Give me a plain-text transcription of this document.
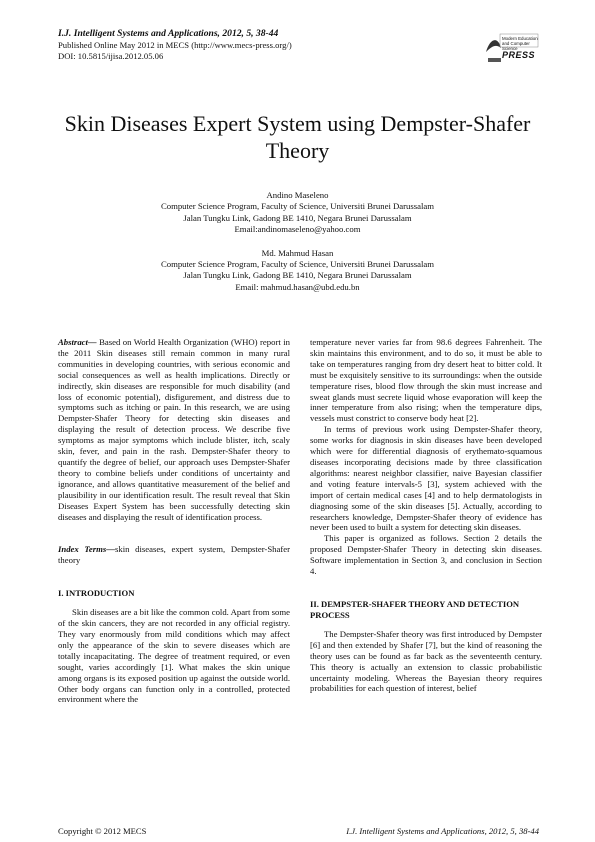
I.J. Intelligent Systems and Applications, 2012, 5, 38-44
Published Online May 2012 in MECS (http://www.mecs-press.org/)
DOI: 10.5815/ijisa.2012.05.06
Modern Education
and Computer Science
PRESS
Skin Diseases Expert System using Dempster-Shafer Theory
Andino Maseleno
Computer Science Program, Faculty of Science, Universiti Brunei Darussalam
Jalan Tungku Link, Gadong BE 1410, Negara Brunei Darussalam
Email:andinomaseleno@yahoo.com
Md. Mahmud Hasan
Computer Science Program, Faculty of Science, Universiti Brunei Darussalam
Jalan Tungku Link, Gadong BE 1410, Negara Brunei Darussalam
Email: mahmud.hasan@ubd.edu.bn

Abstract— Based on World Health Organization (WHO) report in the 2011 Skin diseases still remain common in many rural communities in developing countries, with serious economic and social consequences as well as health implications. Directly or indirectly, skin diseases are responsible for much disability (and loss of economic potential), disfigurement, and distress due to symptoms such as itching or pain. In this research, we are using Dempster-Shafer Theory for detecting skin diseases and displaying the result of detection process. We describe five symptoms as major symptoms which include blister, itch, scaly skin, fever, and pain in the rash. Dempster-Shafer theory to quantify the degree of belief, our approach uses Dempster-Shafer theory to combine beliefs under conditions of uncertainty and ignorance, and allows quantitative measurement of the belief and plausibility in our identification result. The result reveal that Skin Diseases Expert System has been successfully detecting skin diseases and displaying the result of identification process.

Index Terms—skin diseases, expert system, Dempster-Shafer theory

I. INTRODUCTION

Skin diseases are a bit like the common cold. Apart from some of the skin cancers, they are not recorded in any official registry. They vary enormously from mild conditions which may affect only the appearance of the skin to severe diseases which are totally incapacitating. The degree of treatment required, or even sought, varies accordingly [1]. What makes the skin unique among organs is its exposed position up against the outside world. Other body organs can function only in a controlled, protected environment where the

temperature never varies far from 98.6 degrees Fahrenheit. The skin maintains this environment, and to do so, it must be able to take on temperatures ranging from dry desert heat to bitter cold. It must be exquisitely sensitive to its surroundings: when the outside temperature rises, blood flow through the skin must increase and sweat glands must secrete liquid whose evaporation will keep the inner temperature from also rising; when the temperature dips, vessels must constrict to conserve body heat [2].

In terms of previous work using Dempster-Shafer theory, some works for diagnosis in skin diseases have been developed which were for differential diagnosis of erythemato-squamous diseases incorporating decisions made by three classification algorithms: nearest neighbor classifier, naive Bayesian classifier and voting feature intervals-5 [3], system achieved with the import of certain medical cases [4] and to help dermatologists in diagnosing some of the skin diseases [5]. Actually, according to researchers knowledge, Dempster-Shafer theory of evidence has never been used to built a system for detecting skin diseases.

This paper is organized as follows. Section 2 details the proposed Dempster-Shafer Theory in detecting skin diseases. Software implementation in Section 3, and conclusion in Section 4.

II. DEMPSTER-SHAFER THEORY AND DETECTION PROCESS

The Dempster-Shafer theory was first introduced by Dempster [6] and then extended by Shafer [7], but the kind of reasoning the theory uses can be found as far back as the seventeenth century. This theory is actually an extension to classic probabilistic uncertainty modeling. Whereas the Bayesian theory requires probabilities for each question of interest, belief

Copyright © 2012 MECS	I.J. Intelligent Systems and Applications, 2012, 5, 38-44
